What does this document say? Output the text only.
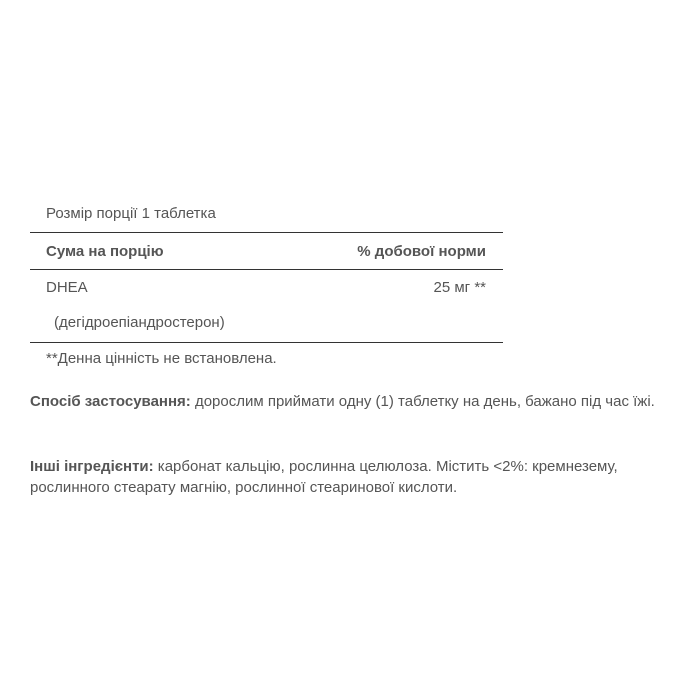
Розмір порції 1 таблетка
Сума на порцію	% добової норми
DHEA	25 мг **
(дегідроепіандростерон)
**Денна цінність не встановлена.
Спосіб застосування: дорослим приймати одну (1) таблетку на день, бажано під час їжі.
Інші інгредієнти: карбонат кальцію, рослинна целюлоза. Містить <2%: кремнезему, рослинного стеарату магнію, рослинної стеаринової кислоти.
